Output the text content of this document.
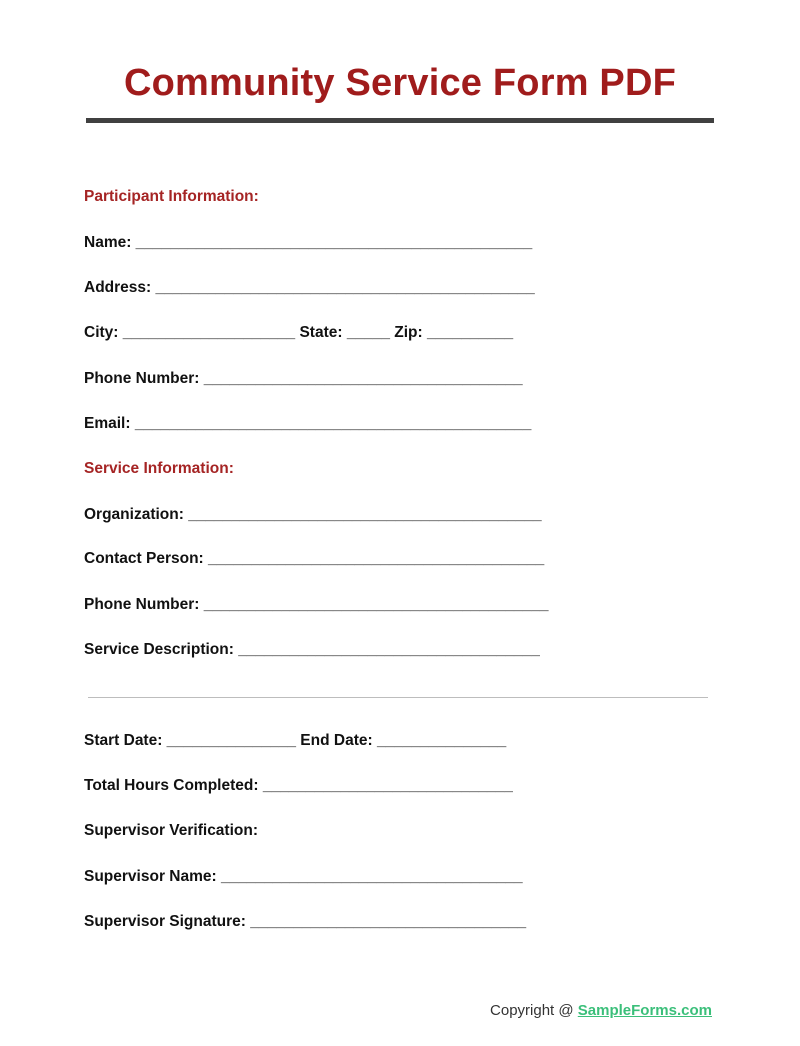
Community Service Form PDF
Participant Information:
Name: ______________________________________________
Address: ____________________________________________
City: ____________________ State: _____ Zip: __________
Phone Number: _____________________________________
Email: ______________________________________________
Service Information:
Organization: _________________________________________
Contact Person: _______________________________________
Phone Number: ________________________________________
Service Description: ___________________________________
Start Date: _______________ End Date: _______________
Total Hours Completed: _____________________________
Supervisor Verification:
Supervisor Name: ___________________________________
Supervisor Signature: ________________________________
Copyright @ SampleForms.com
